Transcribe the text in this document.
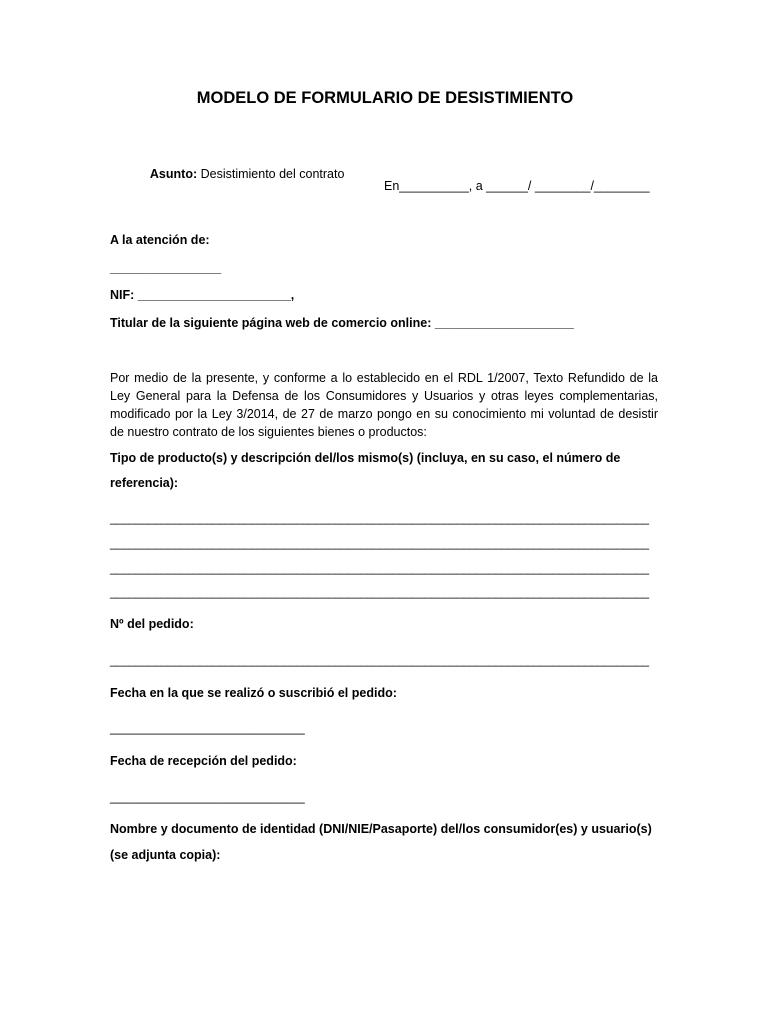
MODELO DE FORMULARIO DE DESISTIMIENTO

Asunto: Desistimiento del contrato

En__________, a ______/ ________/________
A la atención de:
________________
NIF: ______________________,
Titular de la siguiente página web de comercio online: ____________________
Por medio de la presente, y conforme a lo establecido en el RDL 1/2007, Texto Refundido de la Ley General para la Defensa de los Consumidores y Usuarios y otras leyes complementarias, modificado por la Ley 3/2014, de 27 de marzo pongo en su conocimiento mi voluntad de desistir de nuestro contrato de los siguientes bienes o productos:
Tipo de producto(s) y descripción del/los mismo(s) (incluya, en su caso, el número de
referencia):
____________________________________________________________________________________
____________________________________________________________________________________
____________________________________________________________________________________
____________________________________________________________________________________
Nº del pedido:
____________________________________________________________________________________
Fecha en la que se realizó o suscribió el pedido:
____________________________
Fecha de recepción del pedido:
____________________________
Nombre y documento de identidad (DNI/NIE/Pasaporte) del/los consumidor(es) y usuario(s)
(se adjunta copia):
